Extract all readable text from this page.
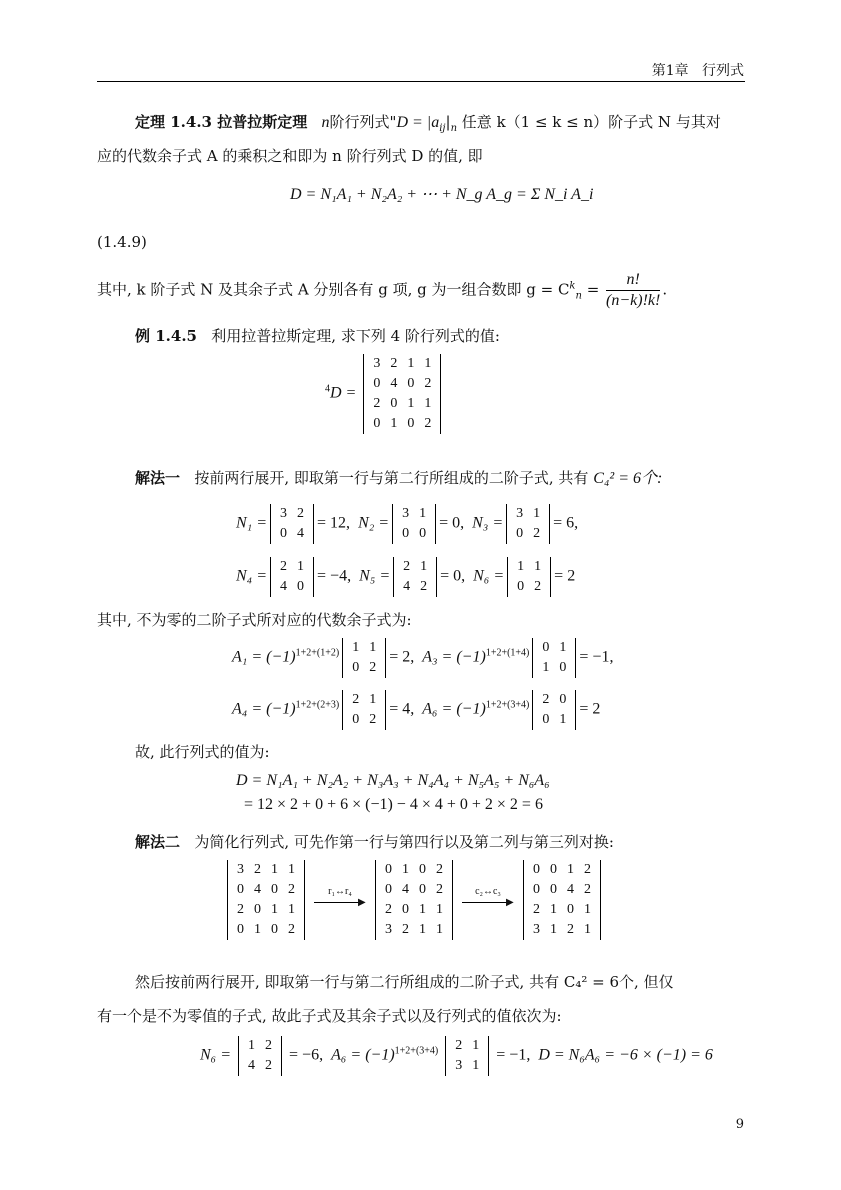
第1章 行列式
定理 1.4.3 拉普拉斯定理 n阶行列式"$D = |a_{ij}|_n$ 任意 k（1 ≤ k ≤ n）阶子式 N 与其对
应的代数余子式 A 的乘积之和即为 n 阶行列式 D 的值, 即
D = N₁A₁ + N₂A₂ + ⋯ + N_g A_g = Σ N_i A_i
(1.4.9)
其中, k 阶子式 N 及其余子式 A 分别各有 g 项, g 为一组合数即 $g = C^k_n = \frac{n!}{(n-k)!k!}$ .
例 1.4.5 利用拉普拉斯定理, 求下列 4 阶行列式的值:
$^4$D =
3	2	1	1
0	4	0	2
2	0	1	1
0	1	0	2
解法一 按前两行展开, 即取第一行与第二行所组成的二阶子式, 共有 C₄² = 6个:
N₁ =
3	2
0	4
= 12,  N₂ =
3	1
0	0
= 0,  N₃ =
3	1
0	2
= 6,
N₄ =
2	1
4	0
= −4,  N₅ =
2	1
4	2
= 0,  N₆ =
1	1
0	2
= 2
其中, 不为零的二阶子式所对应的代数余子式为:
$A_1 = (-1)^{1+2+(1+2)}$ 1	1
0	2
= 2,  $A_3 = (-1)^{1+2+(1+4)}$ 0	1
1	0
= −1,
$A_4 = (-1)^{1+2+(2+3)}$ 2	1
0	2
= 4,  $A_6 = (-1)^{1+2+(3+4)}$ 2	0
0	1
= 2
故, 此行列式的值为:
D = N₁A₁ + N₂A₂ + N₃A₃ + N₄A₄ + N₅A₅ + N₆A₆
= 12 × 2 + 0 + 6 × (−1) − 4 × 4 + 0 + 2 × 2 = 6
解法二 为简化行列式, 可先作第一行与第四行以及第二列与第三列对换:
3	2	1	1
0	4	0	2
2	0	1	1
0	1	0	2

r₁↔r₄
▶

0	1	0	2
0	4	0	2
2	0	1	1
3	2	1	1

c₂↔c₃
▶

0	0	1	2
0	0	4	2
2	1	0	1
3	1	2	1
然后按前两行展开, 即取第一行与第二行所组成的二阶子式, 共有 C₄² = 6个, 但仅
有一个是不为零值的子式, 故此子式及其余子式以及行列式的值依次为:
N₆ =
1	2
4	2
= −6, $A_6 = (-1)^{1+2+(3+4)}$ 2	1
3	1
= −1, D = N₆A₆ = −6 × (−1) = 6
9
